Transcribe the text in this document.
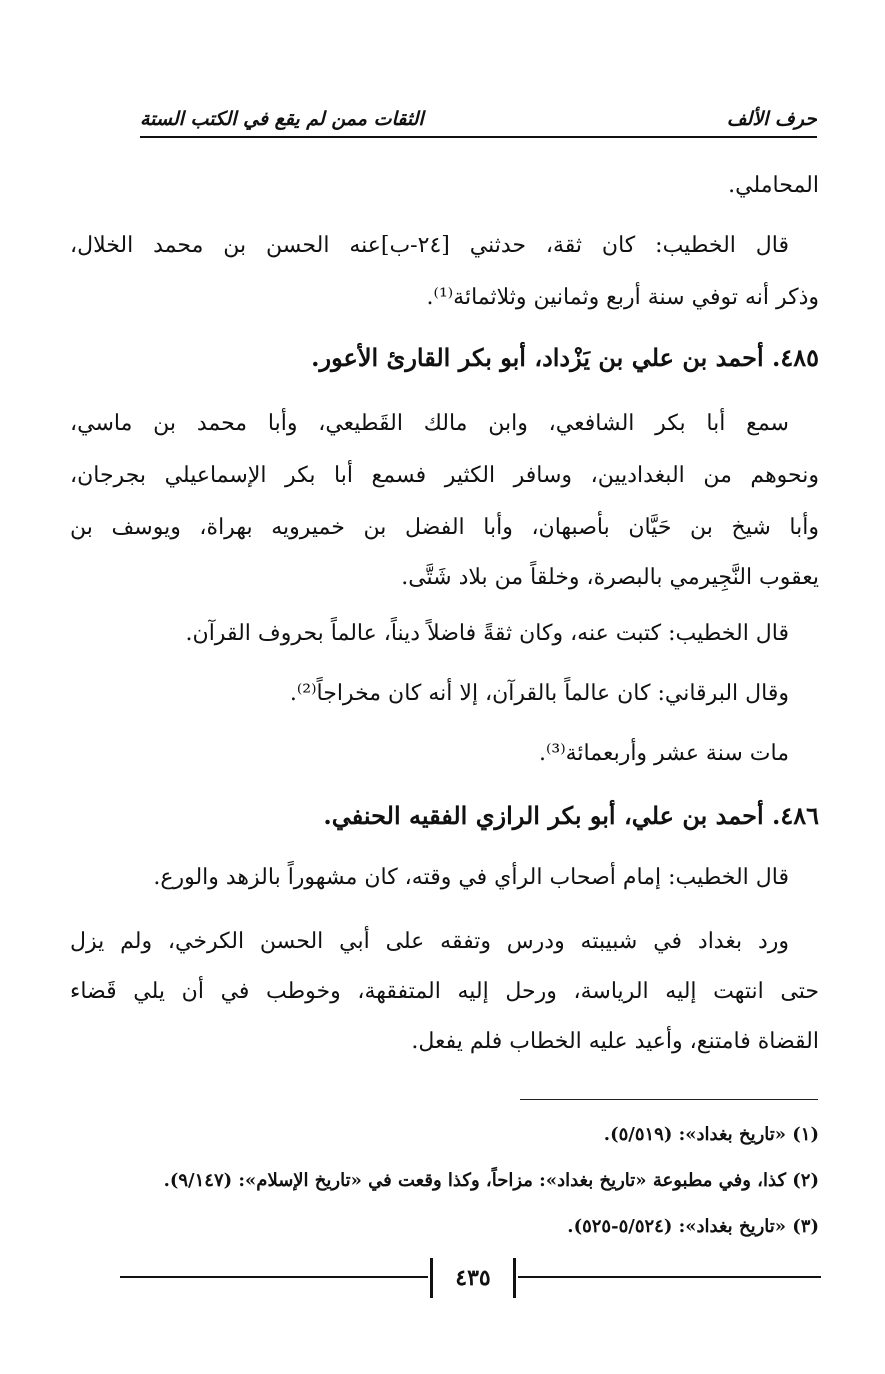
حرف الألف
الثقات ممن لم يقع في الكتب الستة
المحاملي.
قال الخطيب: كان ثقة، حدثني [٢٤-ب]عنه الحسن بن محمد الخلال،
وذكر أنه توفي سنة أربع وثمانين وثلاثمائة⁽¹⁾.
٤٨٥. أحمد بن علي بن يَزْداد، أبو بكر القارئ الأعور.
سمع أبا بكر الشافعي، وابن مالك القَطيعي، وأبا محمد بن ماسي،
ونحوهم من البغداديين، وسافر الكثير فسمع أبا بكر الإسماعيلي بجرجان،
وأبا شيخ بن حَيَّان بأصبهان، وأبا الفضل بن خميرويه بهراة، ويوسف بن
يعقوب النَّجِيرمي بالبصرة، وخلقاً من بلاد شَتَّى.
قال الخطيب: كتبت عنه، وكان ثقةً فاضلاً ديناً، عالماً بحروف القرآن.
وقال البرقاني: كان عالماً بالقرآن، إلا أنه كان مخراجاً⁽²⁾.
مات سنة عشر وأربعمائة⁽³⁾.
٤٨٦. أحمد بن علي، أبو بكر الرازي الفقيه الحنفي.
قال الخطيب: إمام أصحاب الرأي في وقته، كان مشهوراً بالزهد والورع.
ورد بغداد في شبيبته ودرس وتفقه على أبي الحسن الكرخي، ولم يزل
حتى انتهت إليه الرياسة، ورحل إليه المتفقهة، وخوطب في أن يلي قَضاء
القضاة فامتنع، وأعيد عليه الخطاب فلم يفعل.
(١) «تاريخ بغداد»: (٥/٥١٩).
(٢) كذا، وفي مطبوعة «تاريخ بغداد»: مزاحاً، وكذا وقعت في «تاريخ الإسلام»: (٩/١٤٧).
(٣) «تاريخ بغداد»: (٥/٥٢٤-٥٢٥).
٤٣٥
